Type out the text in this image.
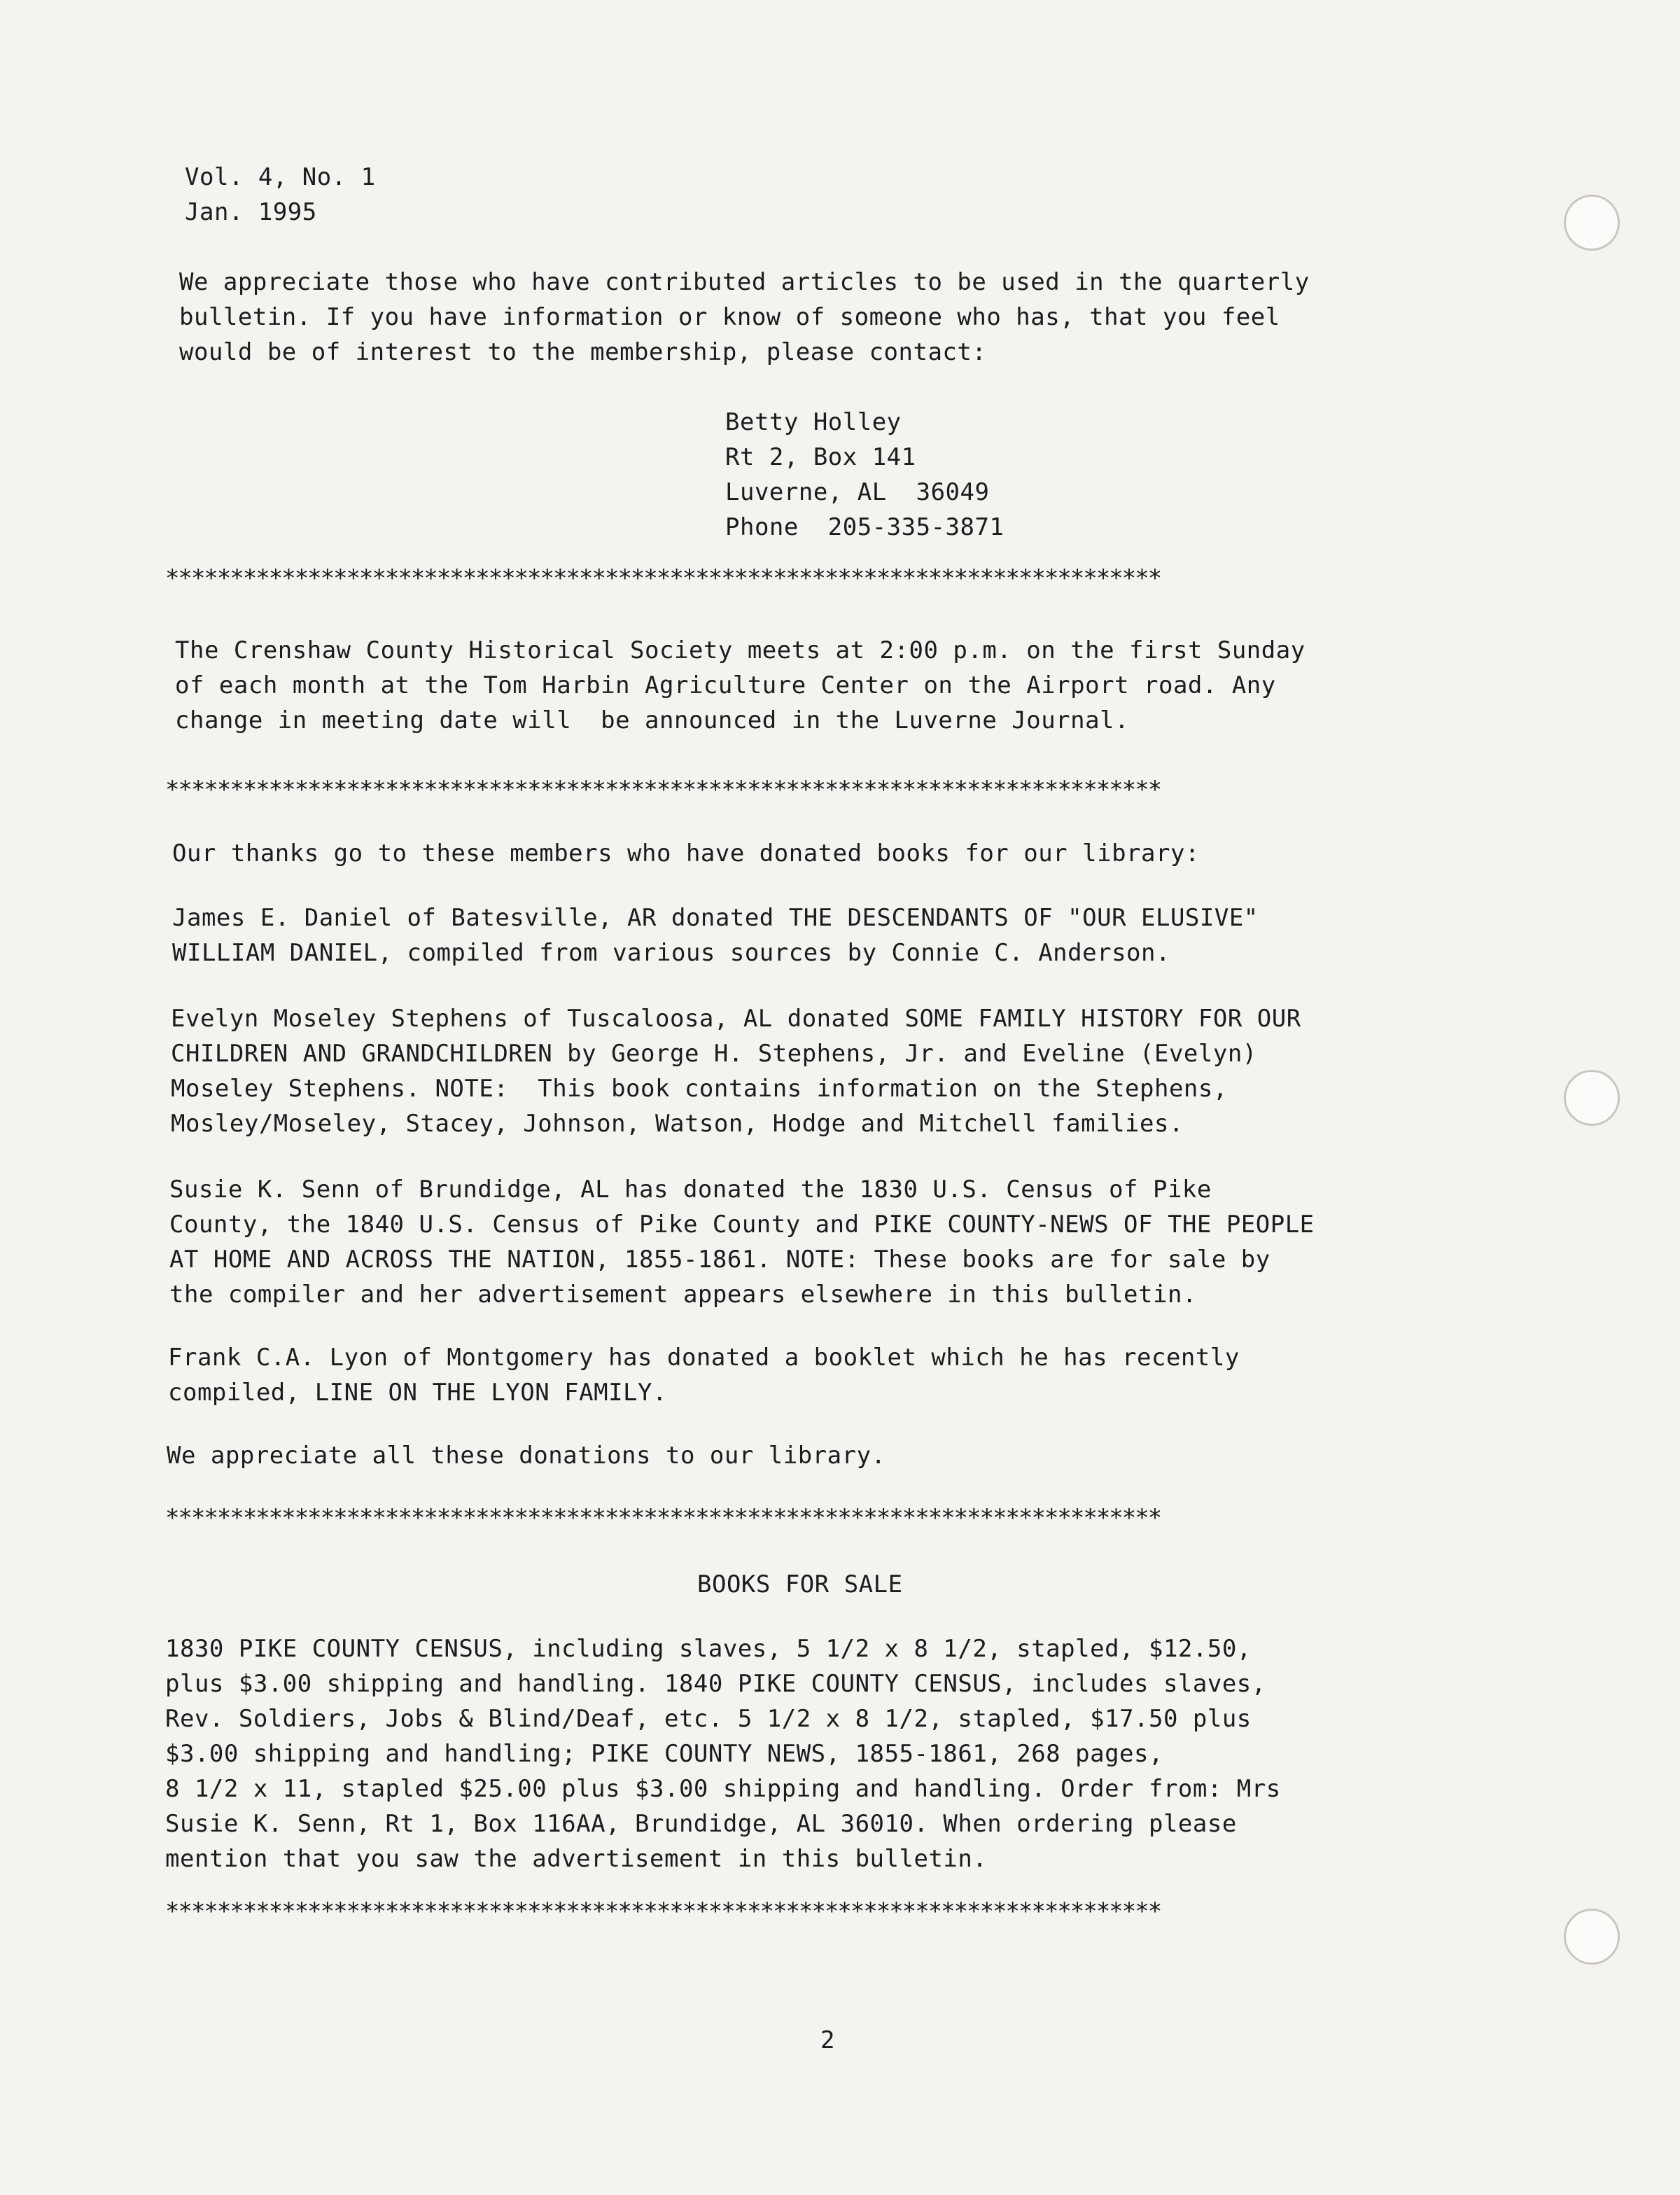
Vol. 4, No. 1
Jan. 1995
We appreciate those who have contributed articles to be used in the quarterly
bulletin. If you have information or know of someone who has, that you feel
would be of interest to the membership, please contact:
Betty Holley
Rt 2, Box 141
Luverne, AL  36049
Phone  205-335-3871
*****************************************************************************
The Crenshaw County Historical Society meets at 2:00 p.m. on the first Sunday
of each month at the Tom Harbin Agriculture Center on the Airport road. Any
change in meeting date will  be announced in the Luverne Journal.
*****************************************************************************
Our thanks go to these members who have donated books for our library:
James E. Daniel of Batesville, AR donated THE DESCENDANTS OF "OUR ELUSIVE"
WILLIAM DANIEL, compiled from various sources by Connie C. Anderson.
Evelyn Moseley Stephens of Tuscaloosa, AL donated SOME FAMILY HISTORY FOR OUR
CHILDREN AND GRANDCHILDREN by George H. Stephens, Jr. and Eveline (Evelyn)
Moseley Stephens. NOTE:  This book contains information on the Stephens,
Mosley/Moseley, Stacey, Johnson, Watson, Hodge and Mitchell families.
Susie K. Senn of Brundidge, AL has donated the 1830 U.S. Census of Pike
County, the 1840 U.S. Census of Pike County and PIKE COUNTY-NEWS OF THE PEOPLE
AT HOME AND ACROSS THE NATION, 1855-1861. NOTE: These books are for sale by
the compiler and her advertisement appears elsewhere in this bulletin.
Frank C.A. Lyon of Montgomery has donated a booklet which he has recently
compiled, LINE ON THE LYON FAMILY.
We appreciate all these donations to our library.
*****************************************************************************
BOOKS FOR SALE
1830 PIKE COUNTY CENSUS, including slaves, 5 1/2 x 8 1/2, stapled, $12.50,
plus $3.00 shipping and handling. 1840 PIKE COUNTY CENSUS, includes slaves,
Rev. Soldiers, Jobs & Blind/Deaf, etc. 5 1/2 x 8 1/2, stapled, $17.50 plus
$3.00 shipping and handling; PIKE COUNTY NEWS, 1855-1861, 268 pages,
8 1/2 x 11, stapled $25.00 plus $3.00 shipping and handling. Order from: Mrs
Susie K. Senn, Rt 1, Box 116AA, Brundidge, AL 36010. When ordering please
mention that you saw the advertisement in this bulletin.
*****************************************************************************
2
